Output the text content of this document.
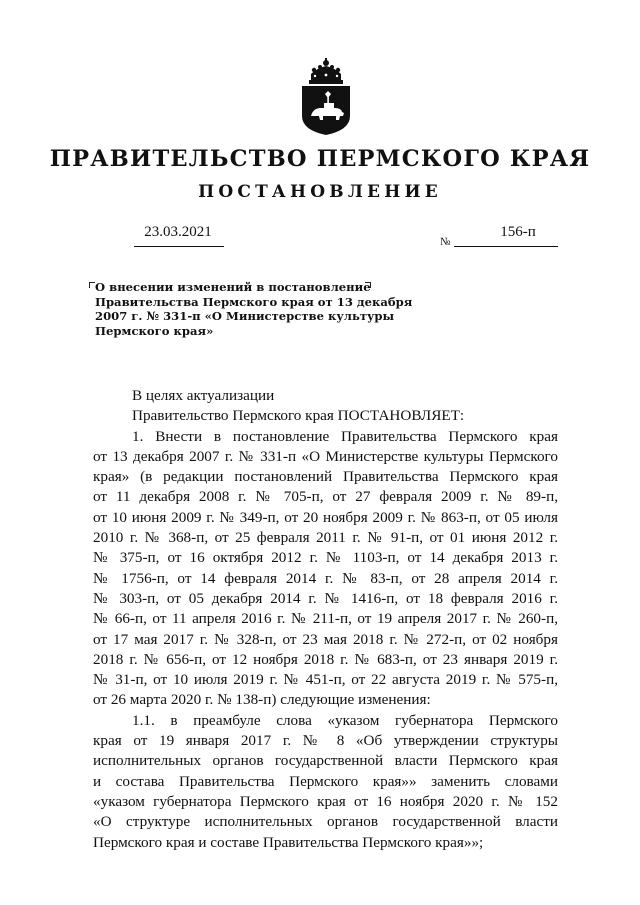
ПРАВИТЕЛЬСТВО ПЕРМСКОГО КРАЯ
ПОСТАНОВЛЕНИЕ
23.03.2021
№
156-п
О внесении изменений в постановление
Правительства Пермского края от 13 декабря
2007 г. № 331-п «О Министерстве культуры
Пермского края»

В целях актуализации

Правительство Пермского края ПОСТАНОВЛЯЕТ:

1. Внести в постановление Правительства Пермского края
от 13 декабря 2007 г. № 331-п «О Министерстве культуры Пермского
края» (в редакции постановлений Правительства Пермского края
от 11 декабря 2008 г. № 705-п, от 27 февраля 2009 г. № 89-п,
от 10 июня 2009 г. № 349-п, от 20 ноября 2009 г. № 863-п, от 05 июля
2010 г. № 368-п, от 25 февраля 2011 г. № 91-п, от 01 июня 2012 г.
№ 375-п, от 16 октября 2012 г. № 1103-п, от 14 декабря 2013 г.
№ 1756-п, от 14 февраля 2014 г. № 83-п, от 28 апреля 2014 г.
№ 303-п, от 05 декабря 2014 г. № 1416-п, от 18 февраля 2016 г.
№ 66-п, от 11 апреля 2016 г. № 211-п, от 19 апреля 2017 г. № 260-п,
от 17 мая 2017 г. № 328-п, от 23 мая 2018 г. № 272-п, от 02 ноября
2018 г. № 656-п, от 12 ноября 2018 г. № 683-п, от 23 января 2019 г.
№ 31-п, от 10 июля 2019 г. № 451-п, от 22 августа 2019 г. № 575-п,
от 26 марта 2020 г. № 138-п) следующие изменения:

1.1. в преамбуле слова «указом губернатора Пермского
края от 19 января 2017 г. № 8 «Об утверждении структуры
исполнительных органов государственной власти Пермского края
и состава Правительства Пермского края»» заменить словами
«указом губернатора Пермского края от 16 ноября 2020 г. № 152
«О структуре исполнительных органов государственной власти
Пермского края и составе Правительства Пермского края»»;
